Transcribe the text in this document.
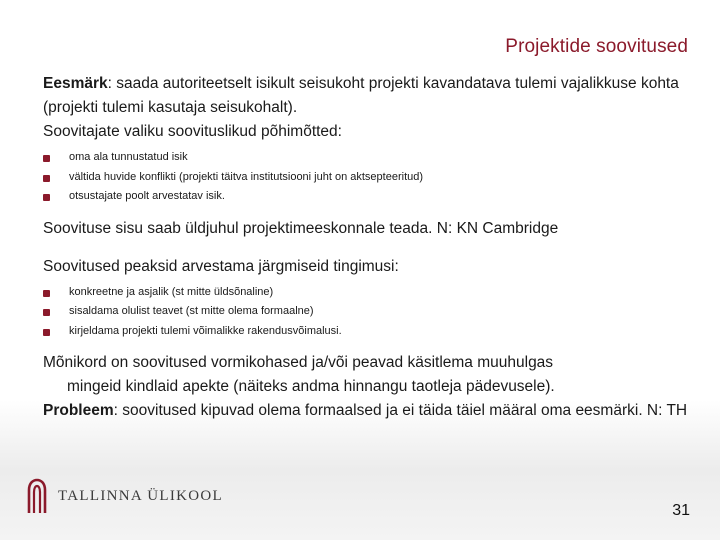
Projektide soovitused

Eesmärk: saada autoriteetselt isikult seisukoht projekti kavandatava tulemi vajalikkuse kohta (projekti tulemi kasutaja seisukohalt).

Soovitajate valiku soovituslikud põhimõtted:

oma ala tunnustatud isik
vältida huvide konflikti (projekti täitva institutsiooni juht on aktsepteeritud)
otsustajate poolt arvestatav isik.

Soovituse sisu saab üldjuhul projektimeeskonnale teada. N: KN Cambridge

Soovitused peaksid arvestama järgmiseid tingimusi:

konkreetne ja asjalik (st mitte üldsõnaline)
sisaldama olulist teavet (st mitte olema formaalne)
kirjeldama projekti tulemi võimalikke rakendusvõimalusi.

Mõnikord on soovitused vormikohased ja/või peavad käsitlema muuhulgas

mingeid kindlaid apekte (näiteks andma hinnangu taotleja pädevusele).

Probleem: soovitused kipuvad olema formaalsed ja ei täida täiel määral oma eesmärki. N: TH

TALLINNA ÜLIKOOL
31
